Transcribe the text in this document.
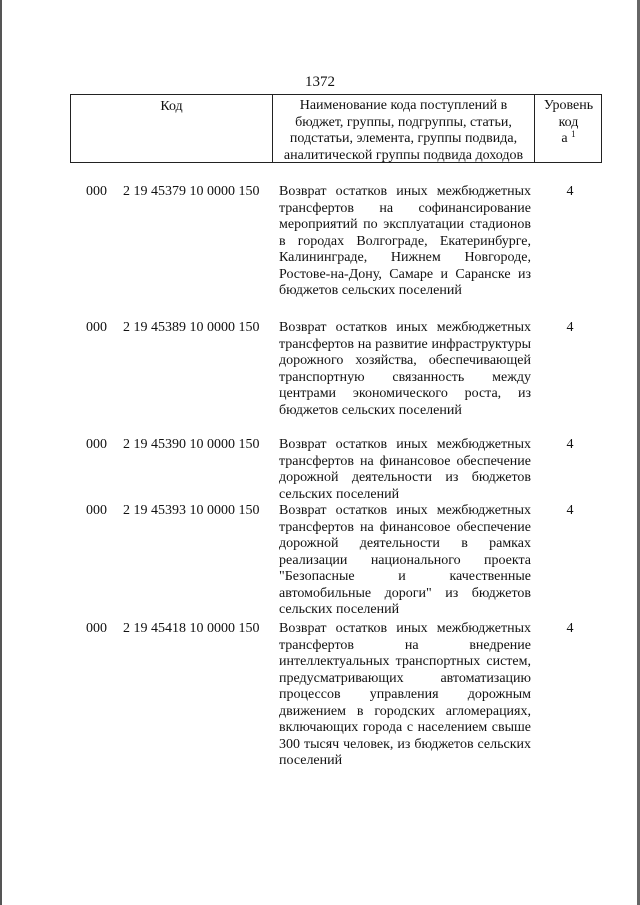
1372
Код	Наименование кода поступлений в бюджет, группы, подгруппы, статьи, подстатьи, элемента, группы подвида, аналитической группы подвида доходов
Уровень код
а $^1$
000 2 19 45379 10 0000 150 Возврат остатков иных межбюджетных трансфертов на софинансирование мероприятий по эксплуатации стадионов в городах Волгограде, Екатеринбурге, Калининграде, Нижнем Новгороде, Ростове-на-Дону, Самаре и Саранске из бюджетов сельских поселений
4
000 2 19 45389 10 0000 150 Возврат остатков иных межбюджетных трансфертов на развитие инфраструктуры дорожного хозяйства, обеспечивающей транспортную связанность между центрами экономического роста, из бюджетов сельских поселений
4
000 2 19 45390 10 0000 150 Возврат остатков иных межбюджетных трансфертов на финансовое обеспечение дорожной деятельности из бюджетов сельских поселений
4
000 2 19 45393 10 0000 150 Возврат остатков иных межбюджетных трансфертов на финансовое обеспечение дорожной деятельности в рамках реализации национального проекта "Безопасные и качественные автомобильные дороги" из бюджетов сельских поселений
4
000 2 19 45418 10 0000 150 Возврат остатков иных межбюджетных трансфертов на внедрение интеллектуальных транспортных систем, предусматривающих автоматизацию процессов управления дорожным движением в городских агломерациях, включающих города с населением свыше 300 тысяч человек, из бюджетов сельских поселений
4
